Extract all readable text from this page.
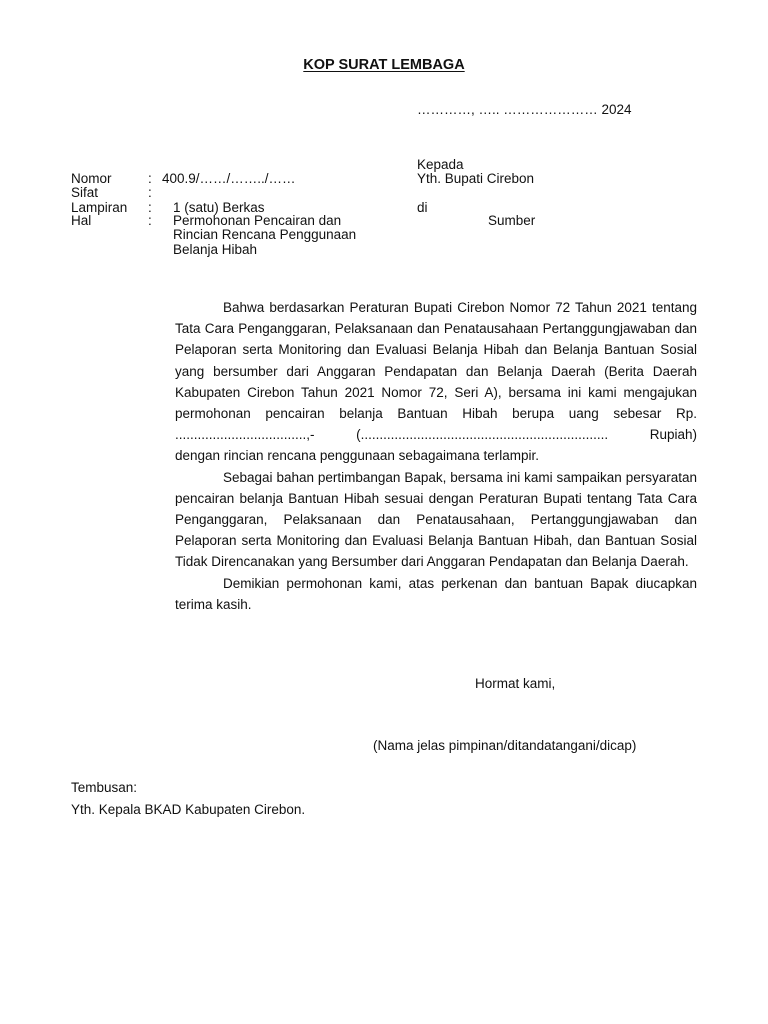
KOP SURAT LEMBAGA
…………, ….. ………………… 2024
Kepada
Yth. Bupati Cirebon
di
Sumber
Nomor	: 400.9/……/……../……
Sifat	:
Lampiran : 1 (satu) Berkas
Hal	: Permohonan Pencairan dan
Rincian Rencana Penggunaan
Belanja Hibah

Bahwa berdasarkan Peraturan Bupati Cirebon Nomor 72 Tahun 2021 tentang Tata Cara Penganggaran, Pelaksanaan dan Penatausahaan Pertanggungjawaban dan Pelaporan serta Monitoring dan Evaluasi Belanja Hibah dan Belanja Bantuan Sosial yang bersumber dari Anggaran Pendapatan dan Belanja Daerah (Berita Daerah Kabupaten Cirebon Tahun 2021 Nomor 72, Seri A), bersama ini kami mengajukan permohonan pencairan belanja Bantuan Hibah berupa uang sebesar Rp. ...................................,- (.................................................................. Rupiah)

dengan rincian rencana penggunaan sebagaimana terlampir.

Sebagai bahan pertimbangan Bapak, bersama ini kami sampaikan persyaratan pencairan belanja Bantuan Hibah sesuai dengan Peraturan Bupati tentang Tata Cara Penganggaran, Pelaksanaan dan Penatausahaan, Pertanggungjawaban dan Pelaporan serta Monitoring dan Evaluasi Belanja Bantuan Hibah, dan Bantuan Sosial Tidak Direncanakan yang Bersumber dari Anggaran Pendapatan dan Belanja Daerah.

Demikian permohonan kami, atas perkenan dan bantuan Bapak diucapkan terima kasih.

Hormat kami,
(Nama jelas pimpinan/ditandatangani/dicap)
Tembusan:
Yth. Kepala BKAD Kabupaten Cirebon.
